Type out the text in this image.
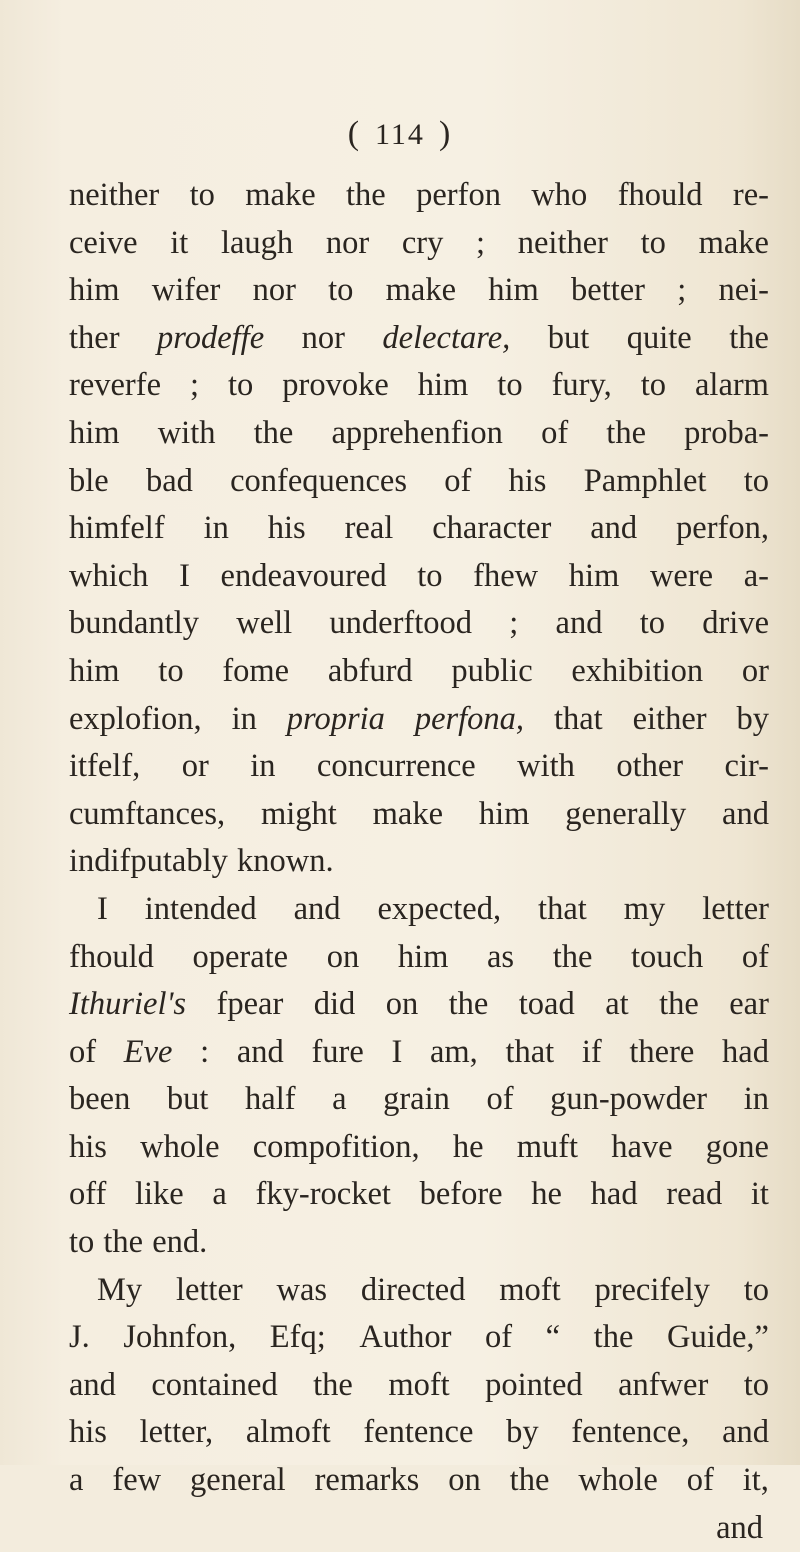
( 114 )
neither to make the perfon who fhould re-
ceive it laugh nor cry ; neither to make
him wifer nor to make him better ; nei-
ther prodeffe nor delectare, but quite the
reverfe ; to provoke him to fury, to alarm
him with the apprehenfion of the proba-
ble bad confequences of his Pamphlet to
himfelf in his real character and perfon,
which I endeavoured to fhew him were a-
bundantly well underftood ; and to drive
him to fome abfurd public exhibition or
explofion, in propria perfona, that either by
itfelf, or in concurrence with other cir-
cumftances, might make him generally and
indifputably known.
I intended and expected, that my letter
fhould operate on him as the touch of
Ithuriel's fpear did on the toad at the ear
of Eve : and fure I am, that if there had
been but half a grain of gun-powder in
his whole compofition, he muft have gone
off like a fky-rocket before he had read it
to the end.
My letter was directed moft precifely to
J. Johnfon, Efq; Author of “ the Guide,”
and contained the moft pointed anfwer to
his letter, almoft fentence by fentence, and
a few general remarks on the whole of it,
and
